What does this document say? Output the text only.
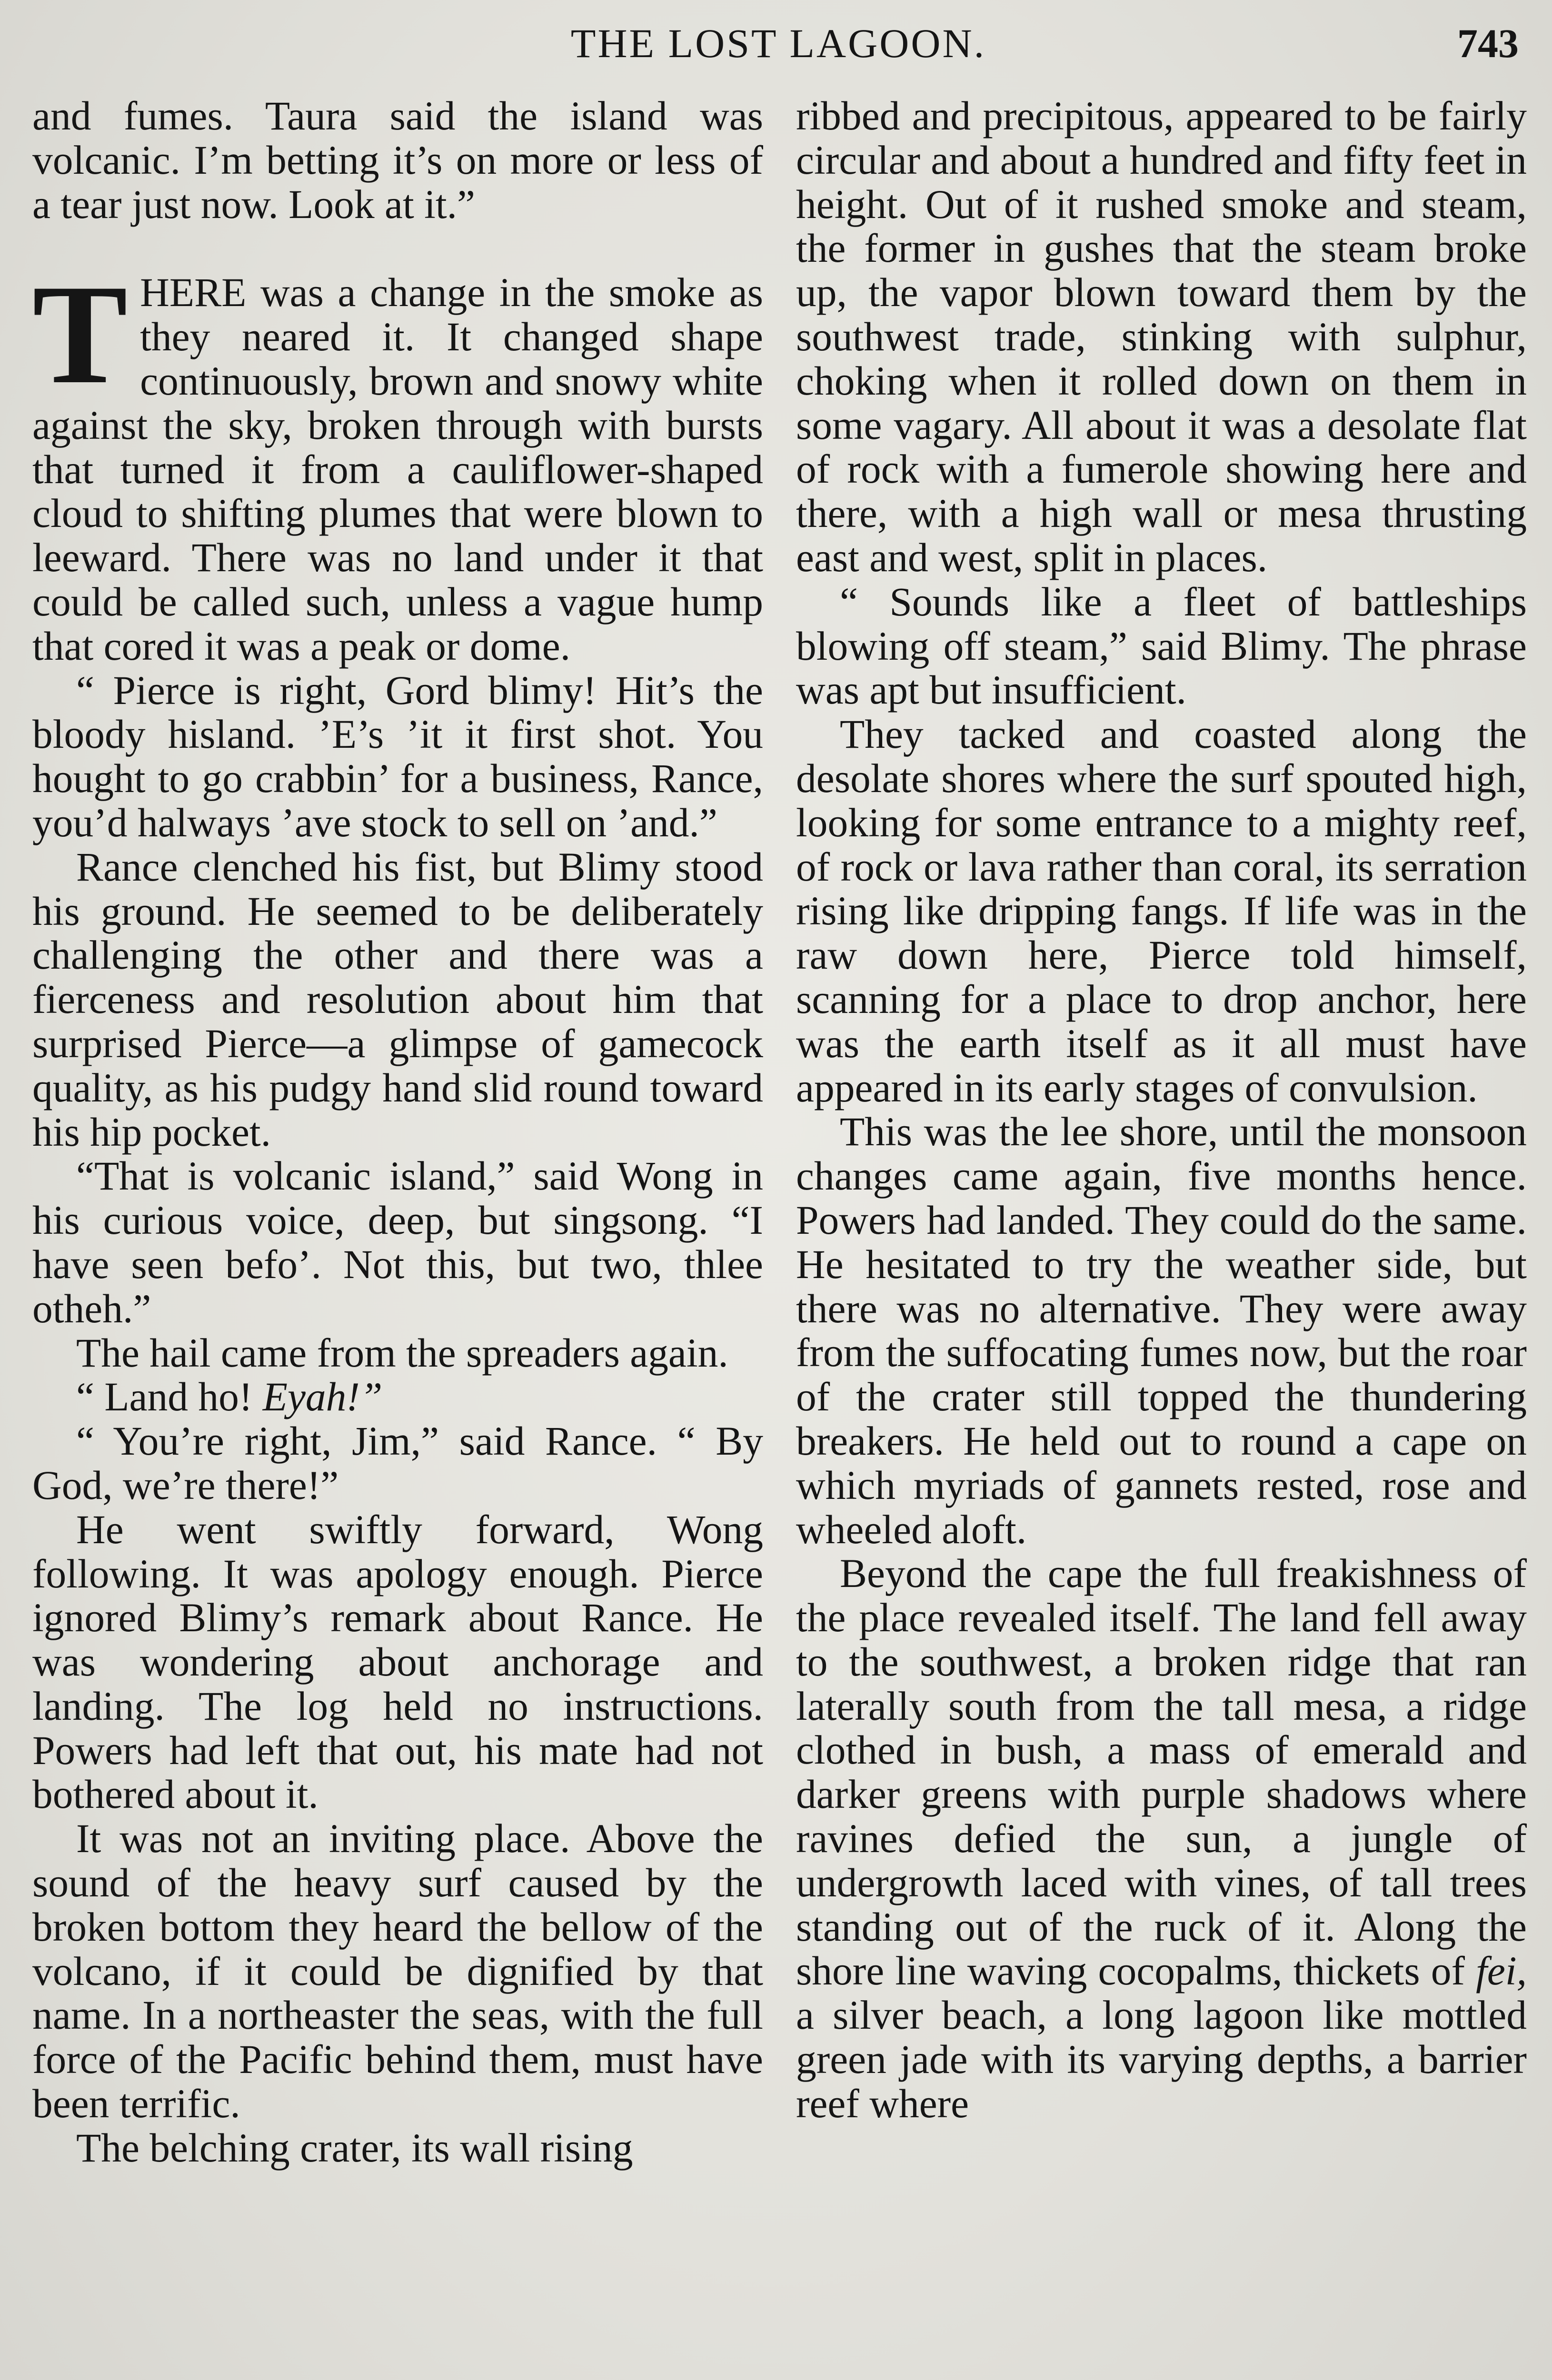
THE LOST LAGOON.	743

and fumes. Taura said the island was volcanic. I’m betting it’s on more or less of a tear just now. Look at it.”

THERE was a change in the smoke as they neared it. It changed shape continuously, brown and snowy white against the sky, broken through with bursts that turned it from a cauliflower-shaped cloud to shifting plumes that were blown to leeward. There was no land under it that could be called such, unless a vague hump that cored it was a peak or dome.

“ Pierce is right, Gord blimy! Hit’s the bloody hisland. ’E’s ’it it first shot. You hought to go crabbin’ for a business, Rance, you’d halways ’ave stock to sell on ’and.”

Rance clenched his fist, but Blimy stood his ground. He seemed to be deliberately challenging the other and there was a fierceness and resolution about him that surprised Pierce—a glimpse of gamecock quality, as his pudgy hand slid round toward his hip pocket.

“That is volcanic island,” said Wong in his curious voice, deep, but singsong. “I have seen befo’. Not this, but two, thlee otheh.”

The hail came from the spreaders again.

“ Land ho! Eyah!”

“ You’re right, Jim,” said Rance. “ By God, we’re there!”

He went swiftly forward, Wong following. It was apology enough. Pierce ignored Blimy’s remark about Rance. He was wondering about anchorage and landing. The log held no instructions. Powers had left that out, his mate had not bothered about it.

It was not an inviting place. Above the sound of the heavy surf caused by the broken bottom they heard the bellow of the volcano, if it could be dignified by that name. In a northeaster the seas, with the full force of the Pacific behind them, must have been terrific.

The belching crater, its wall rising

ribbed and precipitous, appeared to be fairly circular and about a hundred and fifty feet in height. Out of it rushed smoke and steam, the former in gushes that the steam broke up, the vapor blown toward them by the southwest trade, stinking with sulphur, choking when it rolled down on them in some vagary. All about it was a desolate flat of rock with a fumerole showing here and there, with a high wall or mesa thrusting east and west, split in places.

“ Sounds like a fleet of battleships blowing off steam,” said Blimy. The phrase was apt but insufficient.

They tacked and coasted along the desolate shores where the surf spouted high, looking for some entrance to a mighty reef, of rock or lava rather than coral, its serration rising like dripping fangs. If life was in the raw down here, Pierce told himself, scanning for a place to drop anchor, here was the earth itself as it all must have appeared in its early stages of convulsion.

This was the lee shore, until the monsoon changes came again, five months hence. Powers had landed. They could do the same. He hesitated to try the weather side, but there was no alternative. They were away from the suffocating fumes now, but the roar of the crater still topped the thundering breakers. He held out to round a cape on which myriads of gannets rested, rose and wheeled aloft.

Beyond the cape the full freakishness of the place revealed itself. The land fell away to the southwest, a broken ridge that ran laterally south from the tall mesa, a ridge clothed in bush, a mass of emerald and darker greens with purple shadows where ravines defied the sun, a jungle of undergrowth laced with vines, of tall trees standing out of the ruck of it. Along the shore line waving cocopalms, thickets of fei, a silver beach, a long lagoon like mottled green jade with its varying depths, a barrier reef where
